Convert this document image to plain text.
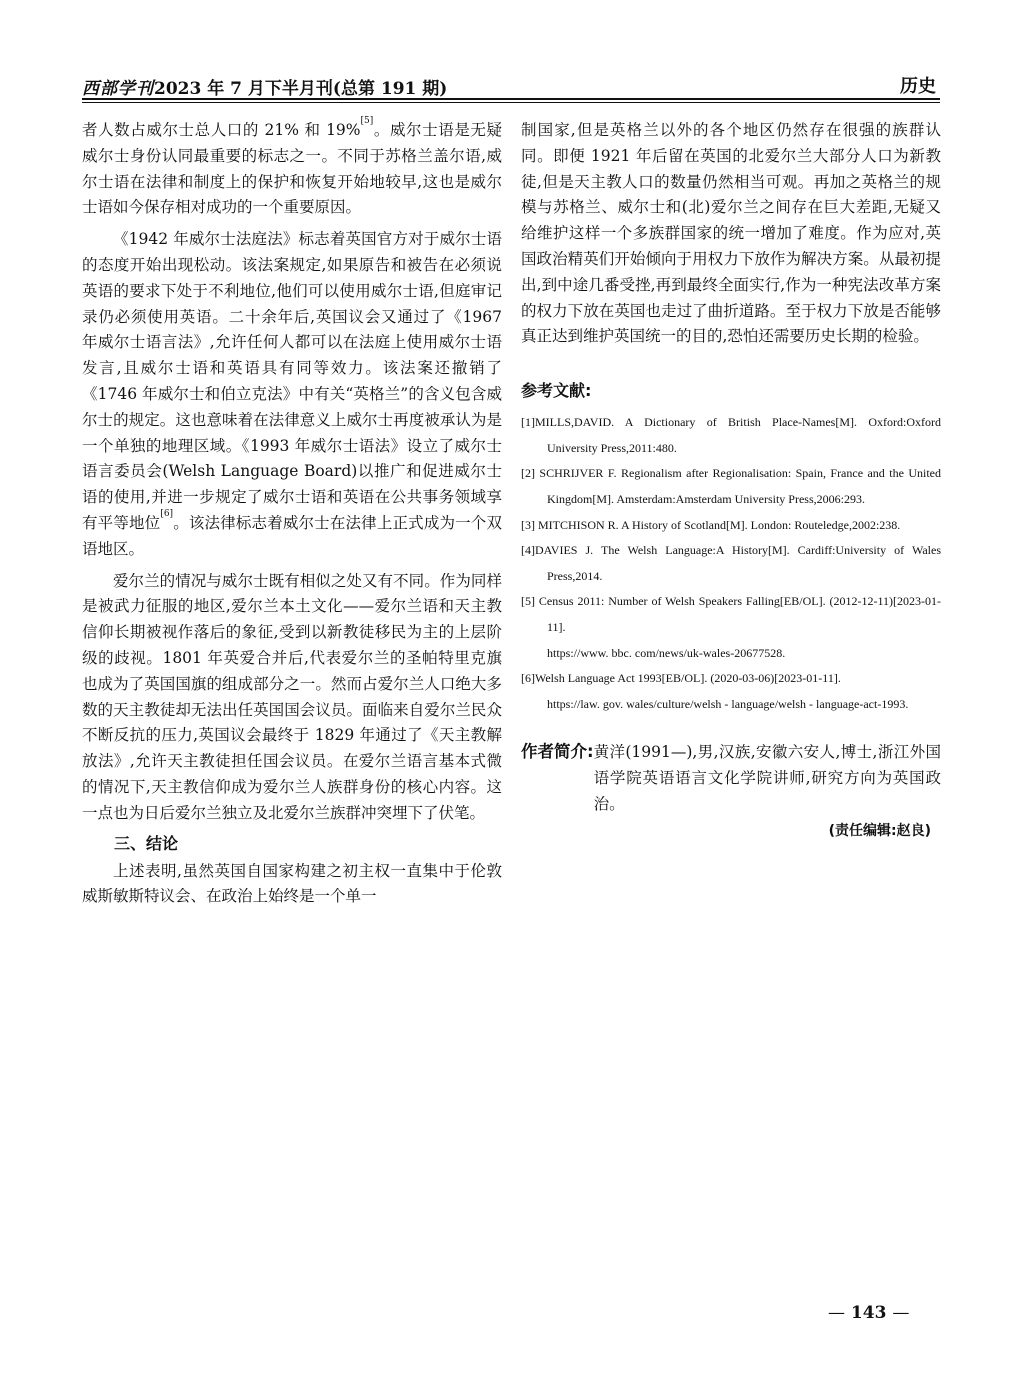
西部学刊2023 年 7 月下半月刊(总第 191 期)	历史

者人数占威尔士总人口的 21% 和 19%[5]。威尔士语是无疑威尔士身份认同最重要的标志之一。不同于苏格兰盖尔语,威尔士语在法律和制度上的保护和恢复开始地较早,这也是威尔士语如今保存相对成功的一个重要原因。

《1942 年威尔士法庭法》标志着英国官方对于威尔士语的态度开始出现松动。该法案规定,如果原告和被告在必须说英语的要求下处于不利地位,他们可以使用威尔士语,但庭审记录仍必须使用英语。二十余年后,英国议会又通过了《1967 年威尔士语言法》,允许任何人都可以在法庭上使用威尔士语发言,且威尔士语和英语具有同等效力。该法案还撤销了《1746 年威尔士和伯立克法》中有关“英格兰”的含义包含威尔士的规定。这也意味着在法律意义上威尔士再度被承认为是一个单独的地理区域。《1993 年威尔士语法》设立了威尔士语言委员会(Welsh Language Board)以推广和促进威尔士语的使用,并进一步规定了威尔士语和英语在公共事务领域享有平等地位[6]。该法律标志着威尔士在法律上正式成为一个双语地区。

爱尔兰的情况与威尔士既有相似之处又有不同。作为同样是被武力征服的地区,爱尔兰本土文化——爱尔兰语和天主教信仰长期被视作落后的象征,受到以新教徒移民为主的上层阶级的歧视。1801 年英爱合并后,代表爱尔兰的圣帕特里克旗也成为了英国国旗的组成部分之一。然而占爱尔兰人口绝大多数的天主教徒却无法出任英国国会议员。面临来自爱尔兰民众不断反抗的压力,英国议会最终于 1829 年通过了《天主教解放法》,允许天主教徒担任国会议员。在爱尔兰语言基本式微的情况下,天主教信仰成为爱尔兰人族群身份的核心内容。这一点也为日后爱尔兰独立及北爱尔兰族群冲突埋下了伏笔。

三、结论

上述表明,虽然英国自国家构建之初主权一直集中于伦敦威斯敏斯特议会、在政治上始终是一个单一

制国家,但是英格兰以外的各个地区仍然存在很强的族群认同。即便 1921 年后留在英国的北爱尔兰大部分人口为新教徒,但是天主教人口的数量仍然相当可观。再加之英格兰的规模与苏格兰、威尔士和(北)爱尔兰之间存在巨大差距,无疑又给维护这样一个多族群国家的统一增加了难度。作为应对,英国政治精英们开始倾向于用权力下放作为解决方案。从最初提出,到中途几番受挫,再到最终全面实行,作为一种宪法改革方案的权力下放在英国也走过了曲折道路。至于权力下放是否能够真正达到维护英国统一的目的,恐怕还需要历史长期的检验。

参考文献:

[1]MILLS,DAVID. A Dictionary of British Place-Names[M]. Oxford:Oxford University Press,2011:480.

[2] SCHRIJVER F. Regionalism after Regionalisation: Spain, France and the United Kingdom[M]. Amsterdam:Amsterdam University Press,2006:293.

[3] MITCHISON R. A History of Scotland[M]. London: Routeledge,2002:238.

[4]DAVIES J. The Welsh Language:A History[M]. Cardiff:University of Wales Press,2014.

[5] Census 2011: Number of Welsh Speakers Falling[EB/OL]. (2012-12-11)[2023-01-11].
https://www. bbc. com/news/uk-wales-20677528.

[6]Welsh Language Act 1993[EB/OL]. (2020-03-06)[2023-01-11].
https://law. gov. wales/culture/welsh - language/welsh - language-act-1993.

作者简介: 黄洋(1991—),男,汉族,安徽六安人,博士,浙江外国语学院英语语言文化学院讲师,研究方向为英国政治。
(责任编辑:赵良)
— 143 —
